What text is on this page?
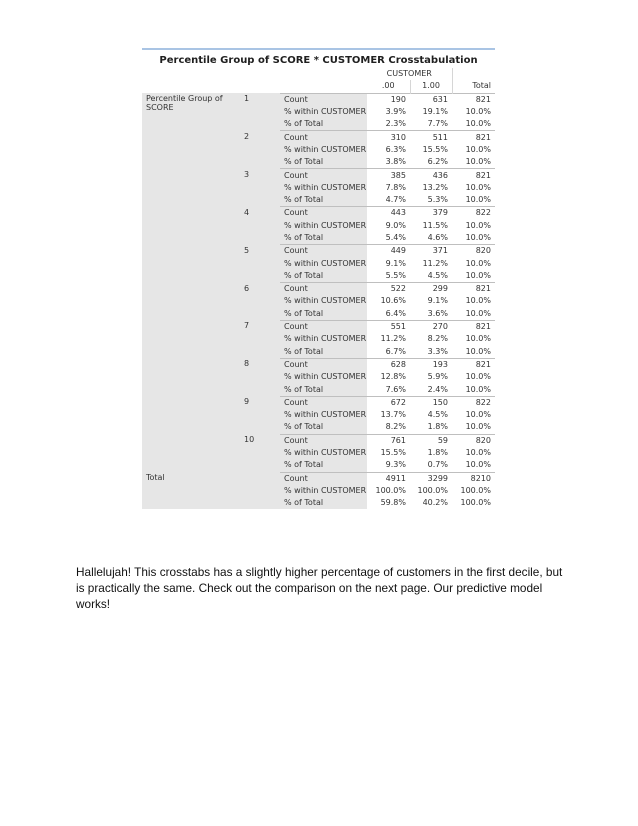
Percentile Group of SCORE * CUSTOMER Crosstabulation
			CUSTOMER		
			.00	1.00	Total

Percentile Group of SCORE	1	Count	190	631	821
		% within CUSTOMER	3.9%	19.1%	10.0%
		% of Total	2.3%	7.7%	10.0%
	2	Count	310	511	821
		% within CUSTOMER	6.3%	15.5%	10.0%
		% of Total	3.8%	6.2%	10.0%
	3	Count	385	436	821
		% within CUSTOMER	7.8%	13.2%	10.0%
		% of Total	4.7%	5.3%	10.0%
	4	Count	443	379	822
		% within CUSTOMER	9.0%	11.5%	10.0%
		% of Total	5.4%	4.6%	10.0%
	5	Count	449	371	820
		% within CUSTOMER	9.1%	11.2%	10.0%
		% of Total	5.5%	4.5%	10.0%
	6	Count	522	299	821
		% within CUSTOMER	10.6%	9.1%	10.0%
		% of Total	6.4%	3.6%	10.0%
	7	Count	551	270	821
		% within CUSTOMER	11.2%	8.2%	10.0%
		% of Total	6.7%	3.3%	10.0%
	8	Count	628	193	821
		% within CUSTOMER	12.8%	5.9%	10.0%
		% of Total	7.6%	2.4%	10.0%
	9	Count	672	150	822
		% within CUSTOMER	13.7%	4.5%	10.0%
		% of Total	8.2%	1.8%	10.0%
	10	Count	761	59	820
		% within CUSTOMER	15.5%	1.8%	10.0%
		% of Total	9.3%	0.7%	10.0%

Total		Count	4911	3299	8210
		% within CUSTOMER	100.0%	100.0%	100.0%
		% of Total	59.8%	40.2%	100.0%
Hallelujah! This crosstabs has a slightly higher percentage of customers in the first decile, but is practically the same. Check out the comparison on the next page. Our predictive model works!
